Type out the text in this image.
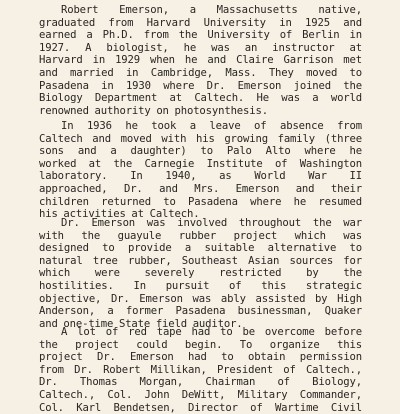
Robert Emerson, a Massachusetts native,
graduated from Harvard University in 1925 and
earned a Ph.D. from the University of Berlin in
1927. A biologist, he was an instructor at
Harvard in 1929 when he and Claire Garrison met
and married in Cambridge, Mass. They moved to
Pasadena in 1930 where Dr. Emerson joined the
Biology Department at Caltech. He was a world
renowned authority on photosynthesis.
In 1936 he took a leave of absence from
Caltech and moved with his growing family (three
sons and a daughter) to Palo Alto where he
worked at the Carnegie Institute of Washington
laboratory. In 1940, as World War II
approached, Dr. and Mrs. Emerson and their
children returned to Pasadena where he resumed
his activities at Caltech.
Dr. Emerson was involved throughout the war
with the guayule rubber project which was
designed to provide a suitable alternative to
natural tree rubber, Southeast Asian sources for
which were severely restricted by the
hostilities. In pursuit of this strategic
objective, Dr. Emerson was ably assisted by High
Anderson, a former Pasadena businessman, Quaker
and one-time State field auditor.
A lot of red tape had to be overcome before
the project could begin. To organize this
project Dr. Emerson had to obtain permission
from Dr. Robert Millikan, President of Caltech.,
Dr. Thomas Morgan, Chairman of Biology,
Caltech., Col. John DeWitt, Military Commander,
Col. Karl Bendetsen, Director of Wartime Civil
